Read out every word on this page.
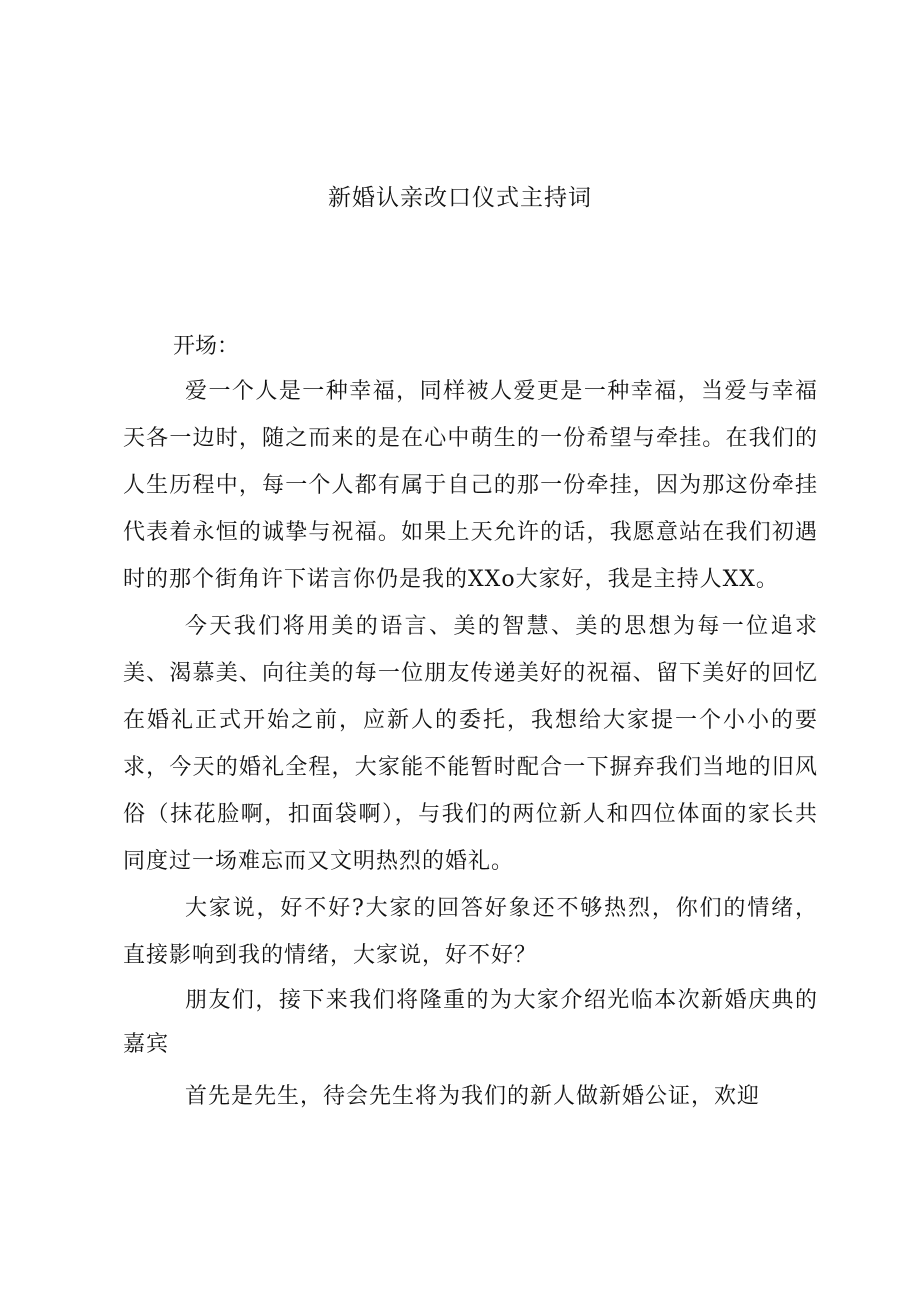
新婚认亲改口仪式主持词
开场：

爱一个人是一种幸福，同样被人爱更是一种幸福，当爱与幸福天各一边时，随之而来的是在心中萌生的一份希望与牵挂。在我们的人生历程中，每一个人都有属于自己的那一份牵挂，因为那这份牵挂代表着永恒的诚挚与祝福。如果上天允许的话，我愿意站在我们初遇时的那个街角许下诺言你仍是我的XXo大家好，我是主持人XX。

今天我们将用美的语言、美的智慧、美的思想为每一位追求美、渴慕美、向往美的每一位朋友传递美好的祝福、留下美好的回忆在婚礼正式开始之前，应新人的委托，我想给大家提一个小小的要求，今天的婚礼全程，大家能不能暂时配合一下摒弃我们当地的旧风俗（抹花脸啊，扣面袋啊），与我们的两位新人和四位体面的家长共同度过一场难忘而又文明热烈的婚礼。

大家说，好不好?大家的回答好象还不够热烈，你们的情绪，直接影响到我的情绪，大家说，好不好？

朋友们，接下来我们将隆重的为大家介绍光临本次新婚庆典的嘉宾

首先是先生，待会先生将为我们的新人做新婚公证，欢迎
